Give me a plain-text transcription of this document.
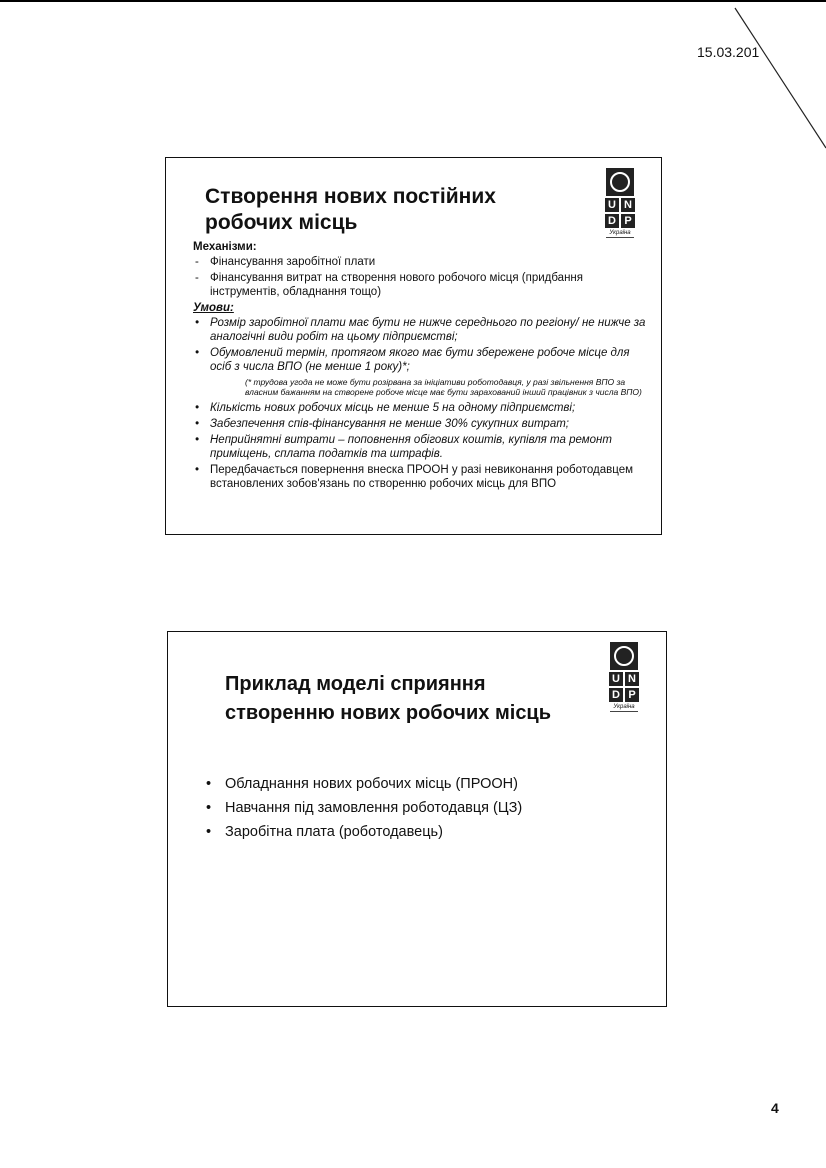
15.03.201
U N
D P
Україна
Створення нових постійних робочих місць
Механізми:
- Фінансування заробітної плати
- Фінансування витрат на створення нового робочого місця (придбання інструментів, обладнання тощо)
Умови:
• Розмір заробітної плати має бути не нижче середнього по регіону/ не нижче за аналогічні види робіт на цьому підприємстві;
• Обумовлений термін, протягом якого має бути збережене робоче місце для осіб з числа ВПО (не менше 1 року)*;
(* трудова угода не може бути розірвана за ініціативи роботодавця, у разі звільнення ВПО за власним бажанням на створене робоче місце має бути зарахований інший працівник з числа ВПО)
• Кількість нових робочих місць не менше 5 на одному підприємстві;
• Забезпечення спів-фінансування не менше 30% сукупних витрат;
• Неприйнятні витрати – поповнення обігових коштів, купівля та ремонт приміщень, сплата податків та штрафів.
• Передбачається повернення внеска ПРООН у разі невиконання роботодавцем встановлених зобов'язань по створенню робочих місць для ВПО
U N
D P
Україна
Приклад моделі сприяння створенню нових робочих місць
• Обладнання нових робочих місць (ПРООН)
• Навчання під замовлення роботодавця (ЦЗ)
• Заробітна плата (роботодавець)
4
